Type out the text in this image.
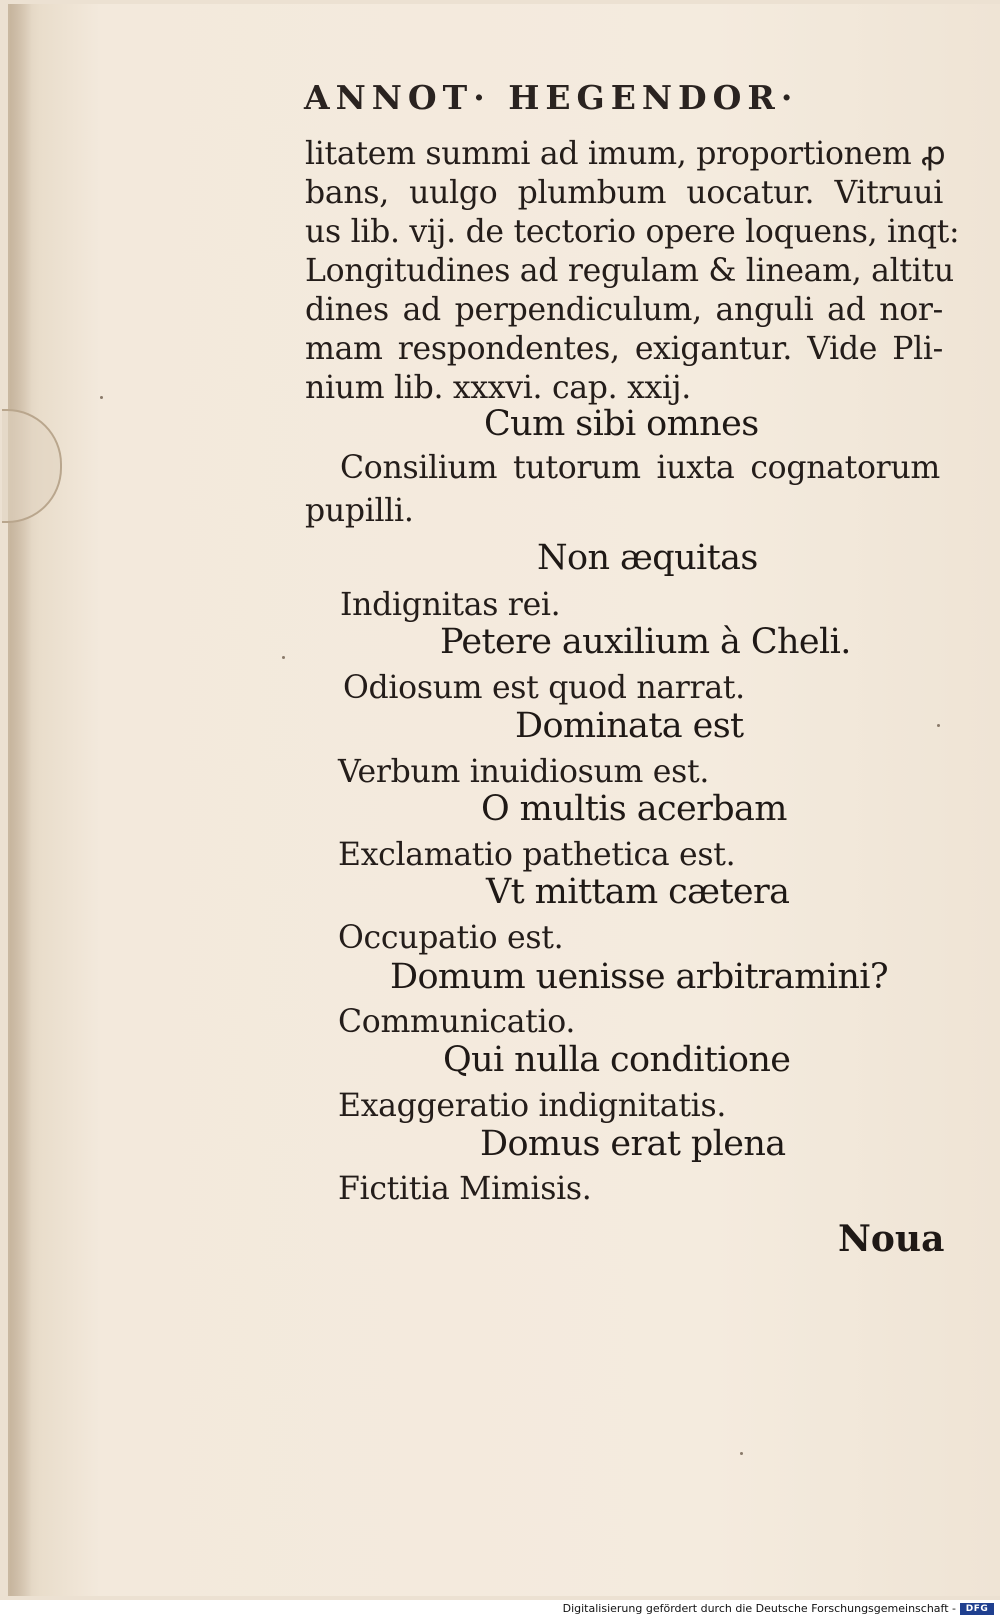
ANNOT· HEGENDOR·
litatem summi ad imum, proportionem ꝓ
bans, uulgo plumbum uocatur. Vitruui
us lib. vij. de tectorio opere loquens, inqt:
Longitudines ad regulam & lineam, altitu
dines ad perpendiculum, anguli ad nor-
mam respondentes, exigantur. Vide Pli-
nium lib. xxxvi. cap. xxij.
Cum sibi omnes
Consilium tutorum iuxta cognatorum
pupilli.
Non æquitas
Indignitas rei.
Petere auxilium à Cheli.
Odiosum est quod narrat.
Dominata est
Verbum inuidiosum est.
O multis acerbam
Exclamatio pathetica est.
Vt mittam cætera
Occupatio est.
Domum uenisse arbitramini?
Communicatio.
Qui nulla conditione
Exaggeratio indignitatis.
Domus erat plena
Fictitia Mimisis.
Noua
Digitalisierung gefördert durch die Deutsche Forschungsgemeinschaft -	DFG
